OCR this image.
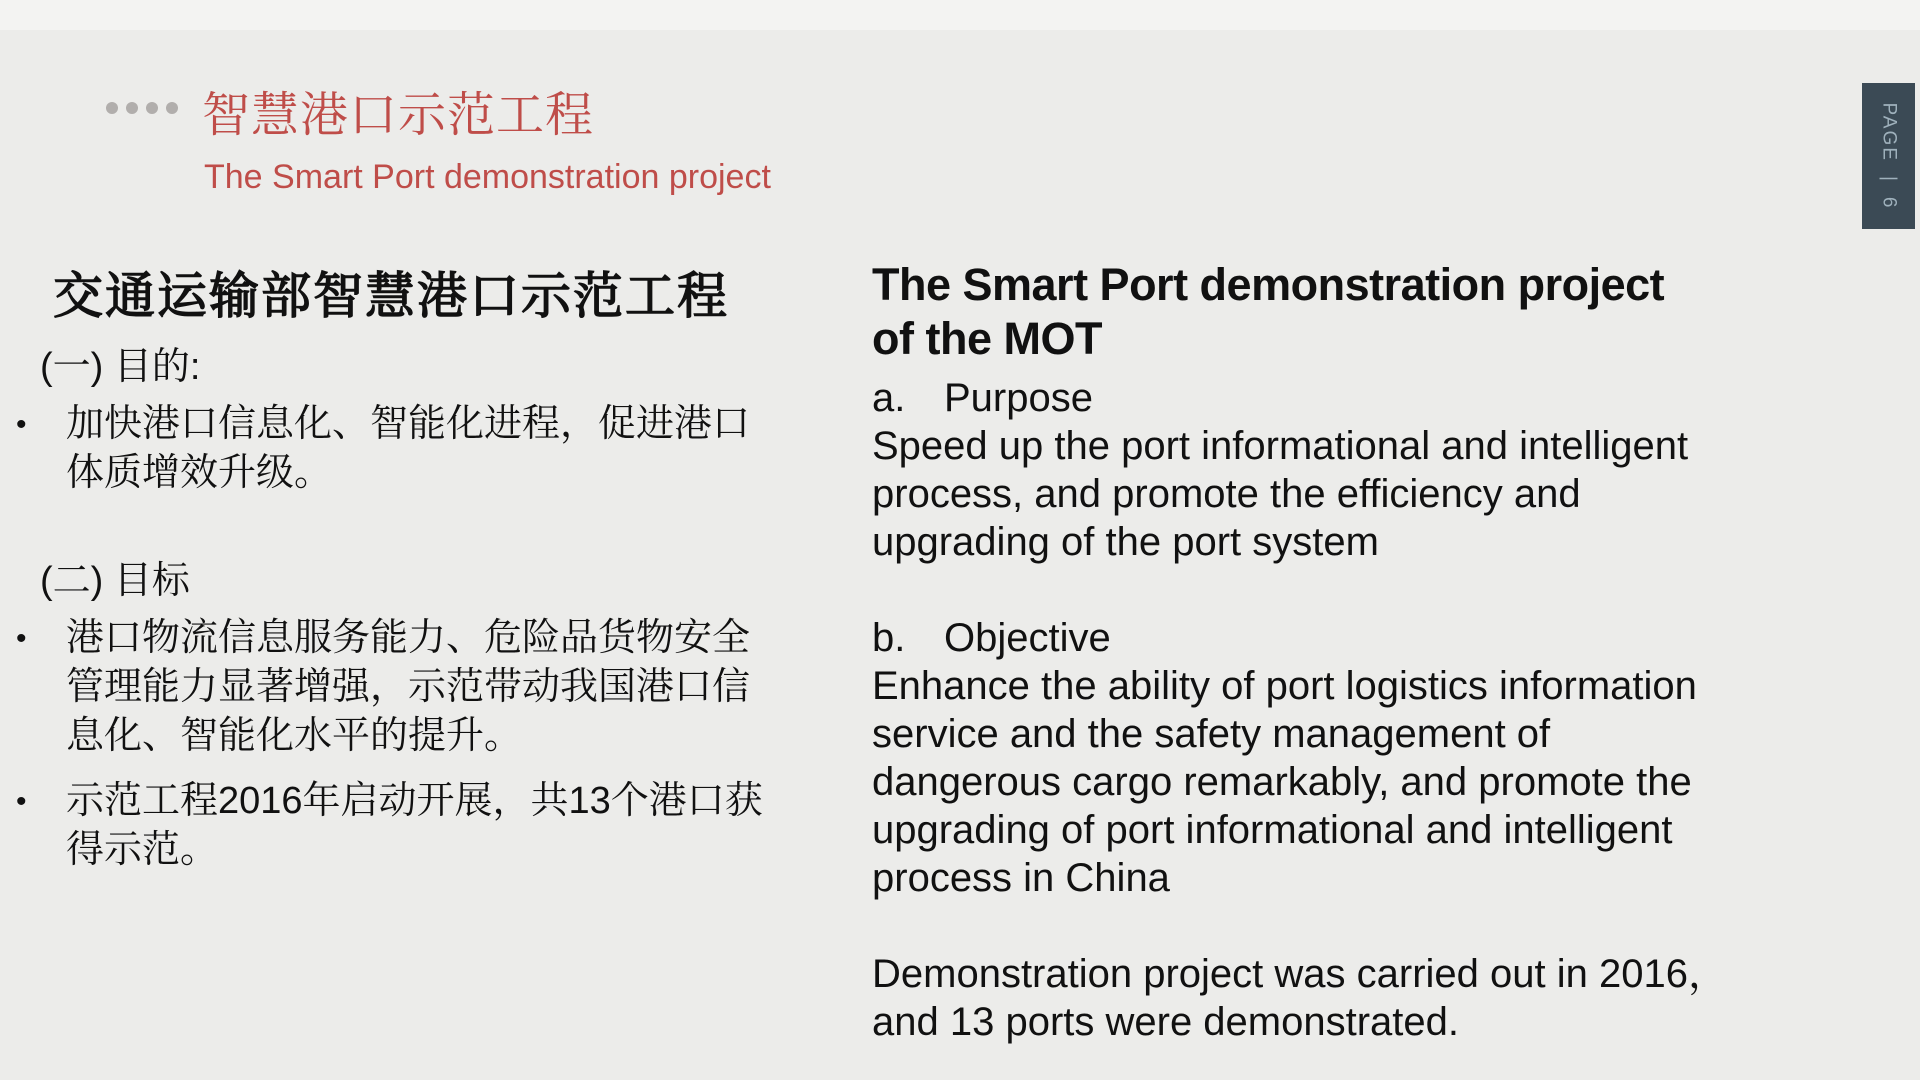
智慧港口示范工程
The Smart Port demonstration project
PAGE
|
6
交通运输部智慧港口示范工程
(一) 目的:
•	加快港口信息化、智能化进程，促进港口
体质增效升级。
(二) 目标
•	港口物流信息服务能力、危险品货物安全
管理能力显著增强，示范带动我国港口信
息化、智能化水平的提升。
•	示范工程2016年启动开展，共13个港口获
得示范。
The Smart Port demonstration project
of the MOT
a. Purpose
Speed up the port informational and intelligent
process, and promote the efficiency and
upgrading of the port system
b. Objective
Enhance the ability of port logistics information
service and the safety management of
dangerous cargo remarkably, and promote the
upgrading of port informational and intelligent
process in China
Demonstration project was carried out in 2016，
and 13 ports were demonstrated.
